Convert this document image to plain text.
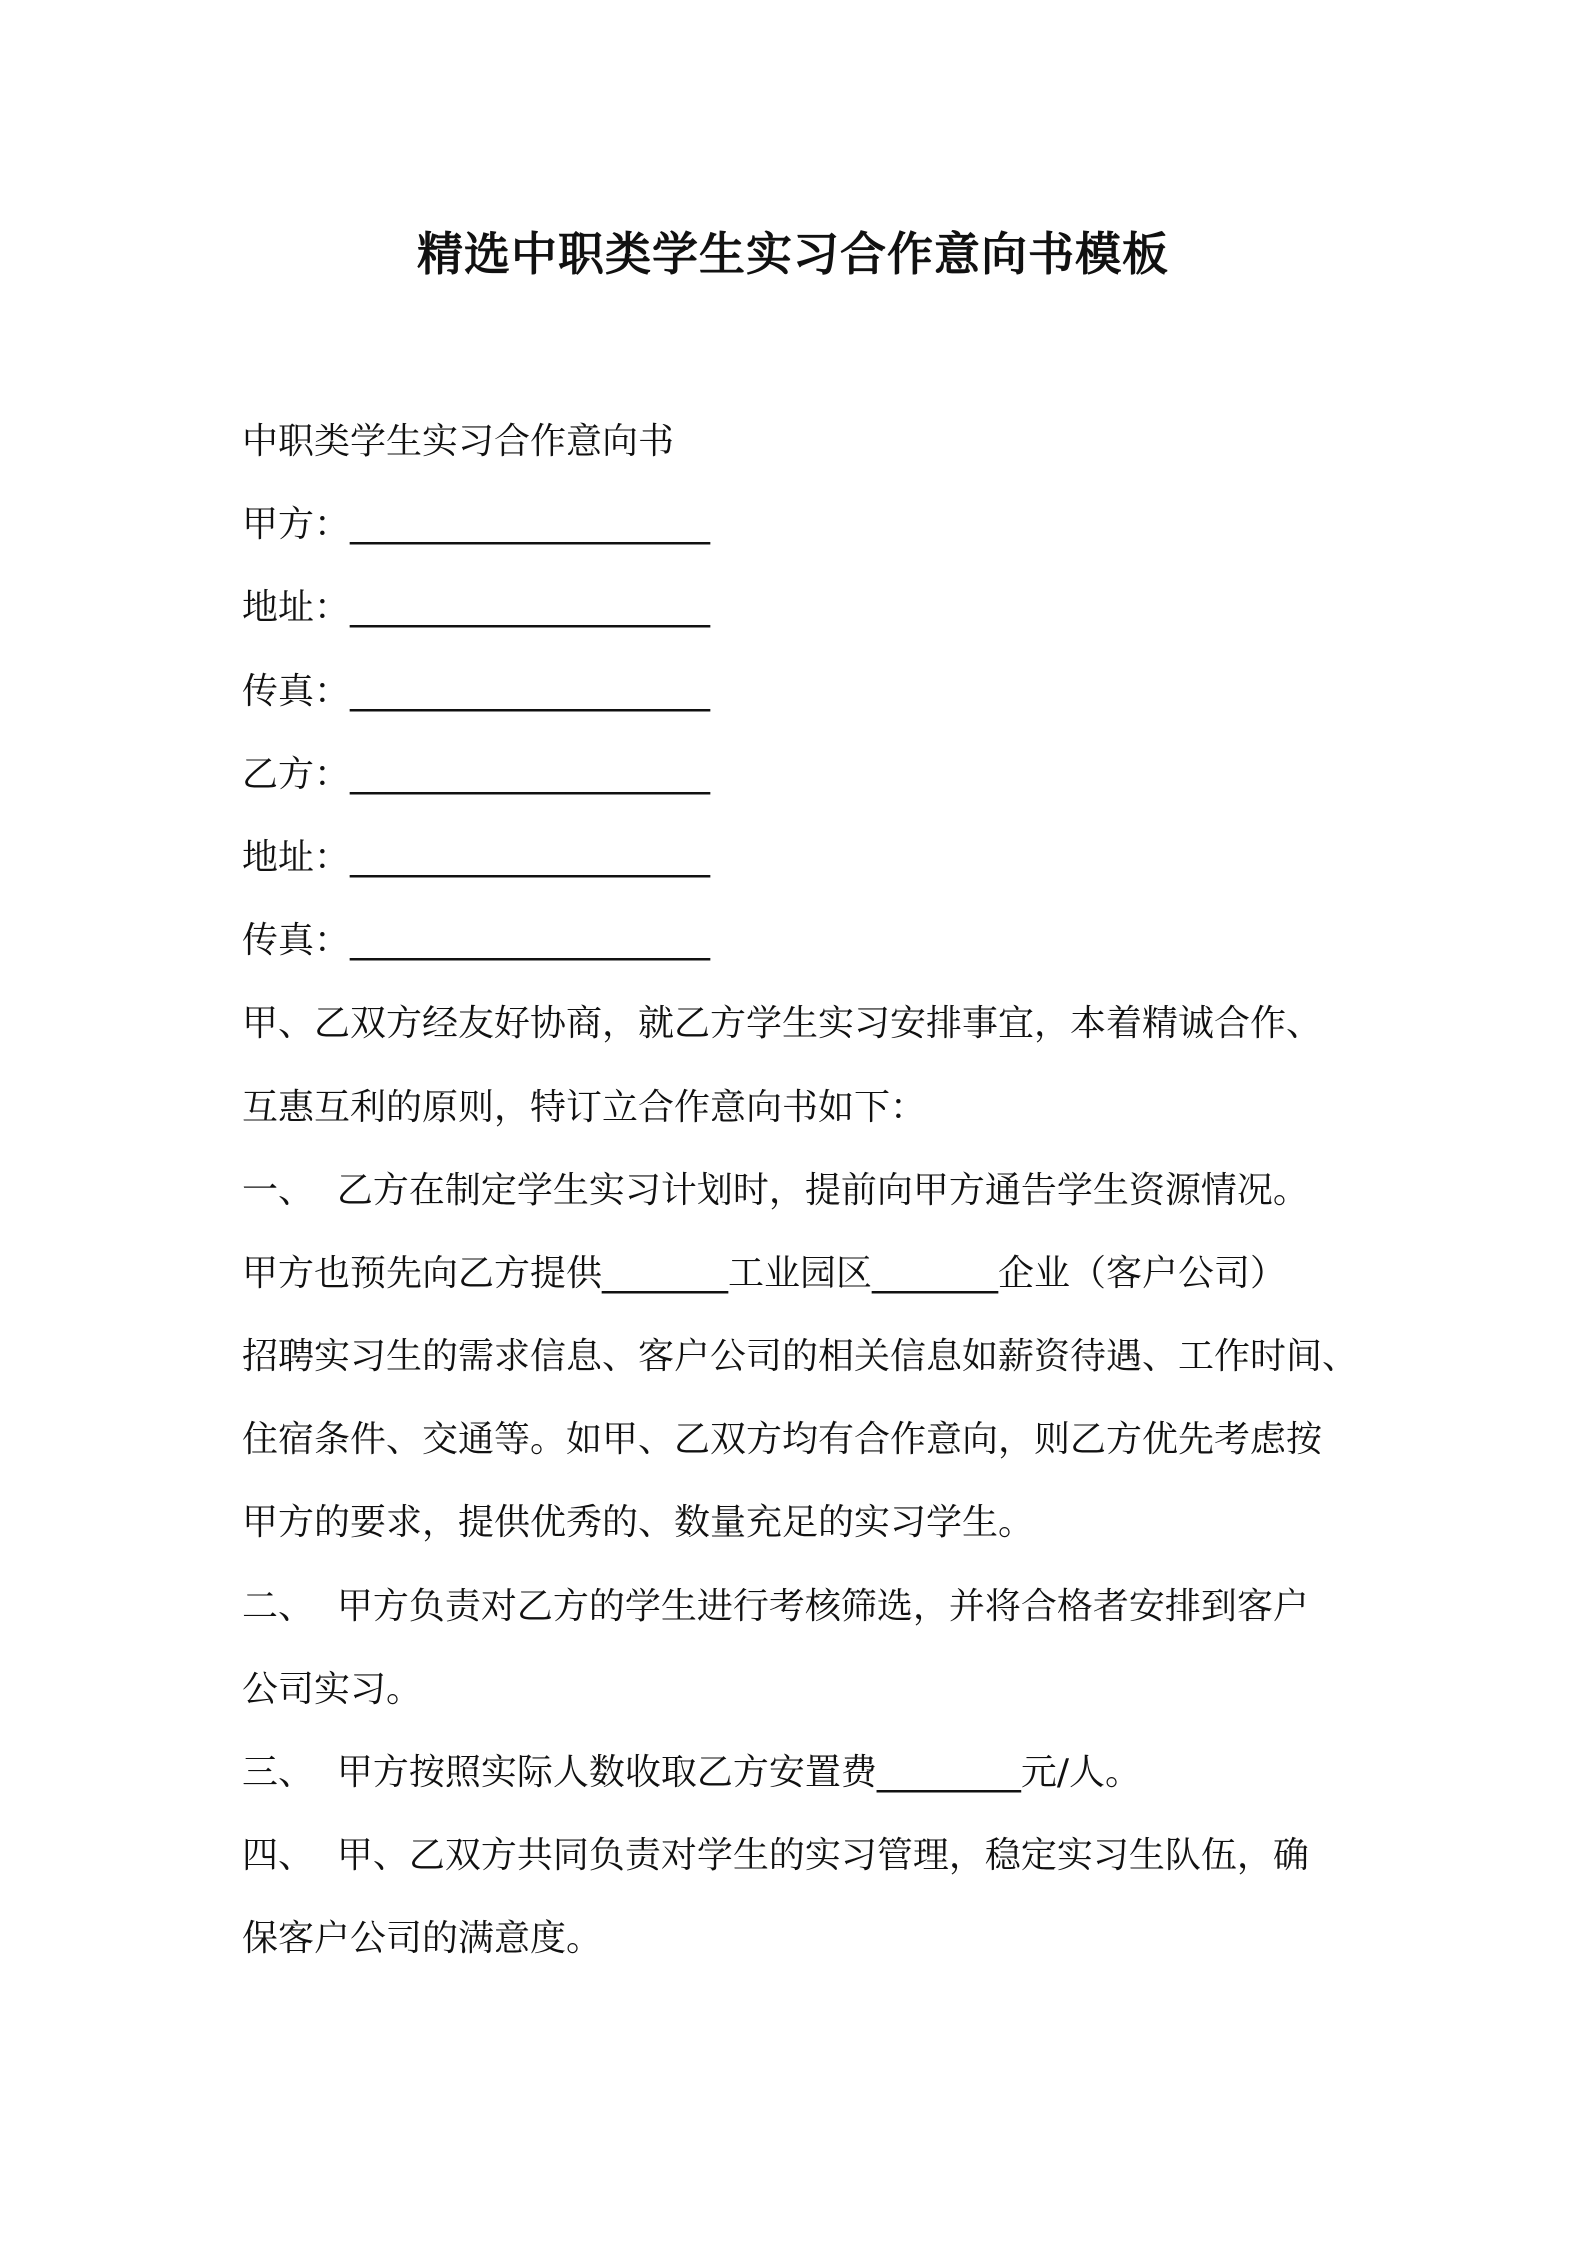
精选中职类学生实习合作意向书模板

中职类学生实习合作意向书

甲方：____________________

地址：____________________

传真：____________________

乙方：____________________

地址：____________________

传真：____________________

甲、乙双方经友好协商，就乙方学生实习安排事宜，本着精诚合作、

互惠互利的原则，特订立合作意向书如下：

一、  乙方在制定学生实习计划时，提前向甲方通告学生资源情况。

甲方也预先向乙方提供_______工业园区_______企业（客户公司）

招聘实习生的需求信息、客户公司的相关信息如薪资待遇、工作时间、

住宿条件、交通等。如甲、乙双方均有合作意向，则乙方优先考虑按

甲方的要求，提供优秀的、数量充足的实习学生。

二、  甲方负责对乙方的学生进行考核筛选，并将合格者安排到客户

公司实习。

三、  甲方按照实际人数收取乙方安置费________元/人。

四、  甲、乙双方共同负责对学生的实习管理，稳定实习生队伍，确

保客户公司的满意度。
